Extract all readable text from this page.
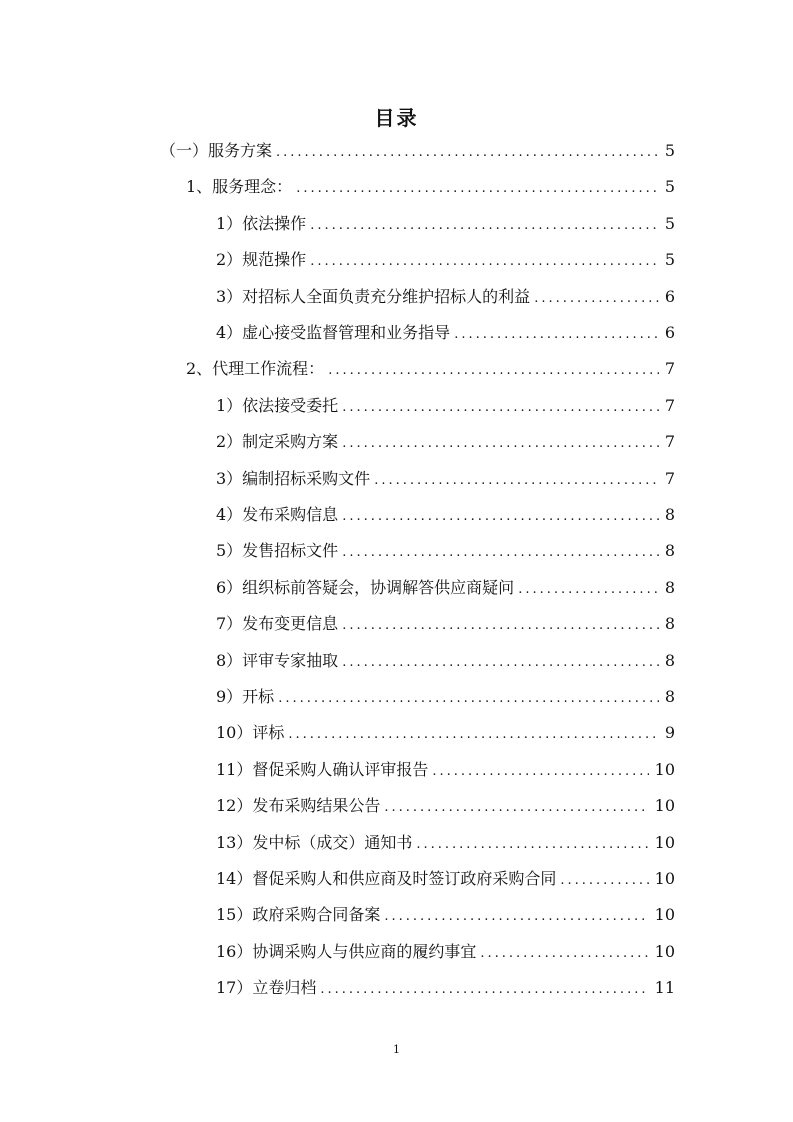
目录
（一）服务方案 .....	5
1、服务理念： .....	5
1）依法操作 .....	5
2）规范操作 .....	5
3）对招标人全面负责充分维护招标人的利益 .....	6
4）虚心接受监督管理和业务指导 .....	6
2、代理工作流程： .....	7
1）依法接受委托 .....	7
2）制定采购方案 .....	7
3）编制招标采购文件 .....	7
4）发布采购信息 .....	8
5）发售招标文件 .....	8
6）组织标前答疑会，协调解答供应商疑问 .....	8
7）发布变更信息 .....	8
8）评审专家抽取 .....	8
9）开标 .....	8
10）评标 .....	9
11）督促采购人确认评审报告 .....	10
12）发布采购结果公告 .....	10
13）发中标（成交）通知书 .....	10
14）督促采购人和供应商及时签订政府采购合同 .....	10
15）政府采购合同备案 .....	10
16）协调采购人与供应商的履约事宜 .....	10
17）立卷归档 .....	11
1
